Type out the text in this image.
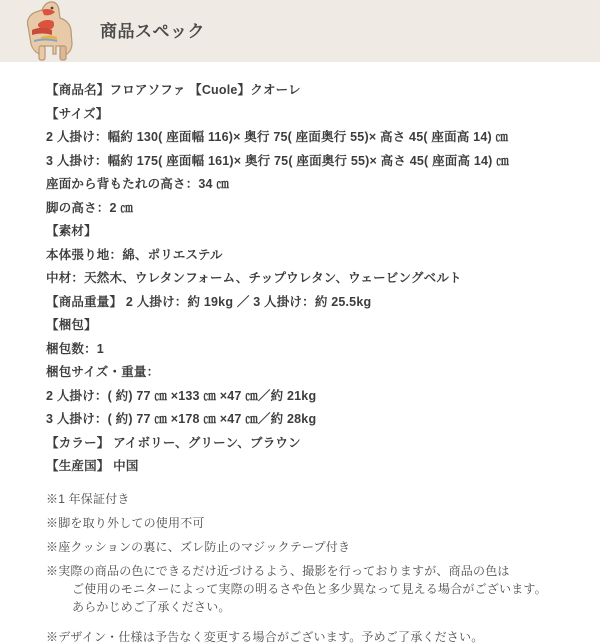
商品スペック
【商品名】フロアソファ 【Cuole】クオーレ
【サイズ】
2 人掛け：幅約 130( 座面幅 116)× 奥行 75( 座面奥行 55)× 高さ 45( 座面高 14) ㎝
3 人掛け：幅約 175( 座面幅 161)× 奥行 75( 座面奥行 55)× 高さ 45( 座面高 14) ㎝
座面から背もたれの高さ：34 ㎝
脚の高さ：2 ㎝
【素材】
本体張り地：綿、ポリエステル
中材：天然木、ウレタンフォーム、チップウレタン、ウェービングベルト
【商品重量】 2 人掛け：約 19kg ／ 3 人掛け：約 25.5kg
【梱包】
梱包数：1
梱包サイズ・重量：
2 人掛け：( 約) 77 ㎝ ×133 ㎝ ×47 ㎝／約 21kg
3 人掛け：( 約) 77 ㎝ ×178 ㎝ ×47 ㎝／約 28kg
【カラー】 アイボリー、グリーン、ブラウン
【生産国】 中国
※1 年保証付き
※脚を取り外しての使用不可
※座クッションの裏に、ズレ防止のマジックテープ付き
※実際の商品の色にできるだけ近づけるよう、撮影を行っておりますが、商品の色は
ご使用のモニターによって実際の明るさや色と多少異なって見える場合がございます。
あらかじめご了承ください。
※デザイン・仕様は予告なく変更する場合がございます。予めご了承ください。
